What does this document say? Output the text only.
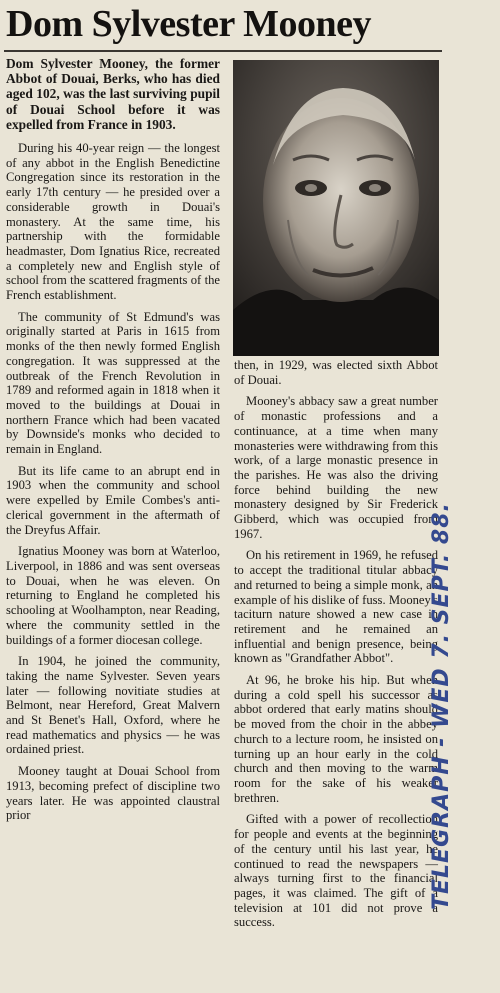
Dom Sylvester Mooney

Dom Sylvester Mooney, the former Abbot of Douai, Berks, who has died aged 102, was the last surviving pupil of Douai School before it was expelled from France in 1903.

During his 40-year reign — the longest of any abbot in the English Benedictine Congregation since its restoration in the early 17th century — he presided over a considerable growth in Douai's monastery. At the same time, his partnership with the formidable headmaster, Dom Ignatius Rice, recreated a completely new and English style of school from the scattered fragments of the French establishment.

The community of St Edmund's was originally started at Paris in 1615 from monks of the then newly formed English congregation. It was suppressed at the outbreak of the French Revolution in 1789 and reformed again in 1818 when it moved to the buildings at Douai in northern France which had been vacated by Downside's monks who decided to remain in England.

But its life came to an abrupt end in 1903 when the community and school were expelled by Emile Combes's anti-clerical government in the aftermath of the Dreyfus Affair.

Ignatius Mooney was born at Waterloo, Liverpool, in 1886 and was sent overseas to Douai, when he was eleven. On returning to England he completed his schooling at Woolhampton, near Reading, where the community settled in the buildings of a former diocesan college.

In 1904, he joined the community, taking the name Sylvester. Seven years later — following novitiate studies at Belmont, near Hereford, Great Malvern and St Benet's Hall, Oxford, where he read mathematics and physics — he was ordained priest.

Mooney taught at Douai School from 1913, becoming prefect of discipline two years later. He was appointed claustral prior

then, in 1929, was elected sixth Abbot of Douai.

Mooney's abbacy saw a great number of monastic professions and a continuance, at a time when many monasteries were withdrawing from this work, of a large monastic presence in the parishes. He was also the driving force behind building the new monastery designed by Sir Frederick Gibberd, which was occupied from 1967.

On his retirement in 1969, he refused to accept the traditional titular abbacy and returned to being a simple monk, an example of his dislike of fuss. Mooney's taciturn nature showed a new case in retirement and he remained an influential and benign presence, being known as "Grandfather Abbot".

At 96, he broke his hip. But when during a cold spell his successor as abbot ordered that early matins should be moved from the choir in the abbey church to a lecture room, he insisted on turning up an hour early in the cold church and then moving to the warm room for the sake of his weaker brethren.

Gifted with a power of recollection for people and events at the beginning of the century until his last year, he continued to read the newspapers — always turning first to the financial pages, it was claimed. The gift of a television at 101 did not prove a success.

TELEGRAPH - WED 7. SEPT. 88.
